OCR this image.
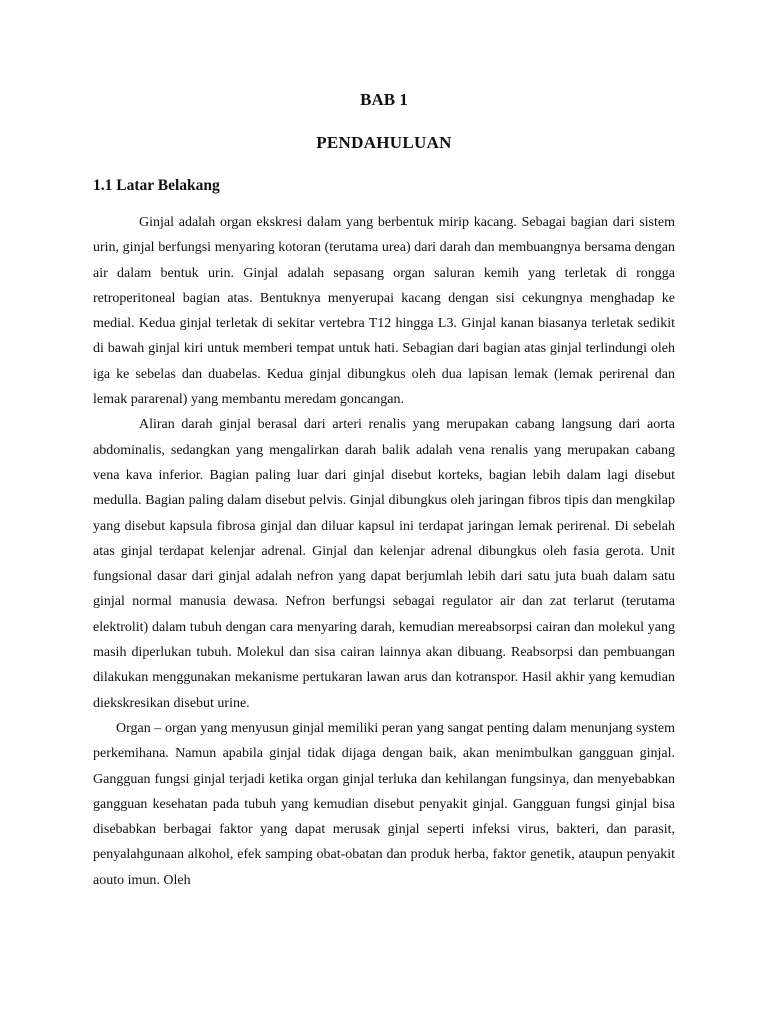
BAB 1
PENDAHULUAN
1.1 Latar Belakang

Ginjal adalah organ ekskresi dalam yang berbentuk mirip kacang. Sebagai bagian dari sistem urin, ginjal berfungsi menyaring kotoran (terutama urea) dari darah dan membuangnya bersama dengan air dalam bentuk urin. Ginjal adalah sepasang organ saluran kemih yang terletak di rongga retroperitoneal bagian atas. Bentuknya menyerupai kacang dengan sisi cekungnya menghadap ke medial. Kedua ginjal terletak di sekitar vertebra T12 hingga L3. Ginjal kanan biasanya terletak sedikit di bawah ginjal kiri untuk memberi tempat untuk hati. Sebagian dari bagian atas ginjal terlindungi oleh iga ke sebelas dan duabelas. Kedua ginjal dibungkus oleh dua lapisan lemak (lemak perirenal dan lemak pararenal) yang membantu meredam goncangan.

Aliran darah ginjal berasal dari arteri renalis yang merupakan cabang langsung dari aorta abdominalis, sedangkan yang mengalirkan darah balik adalah vena renalis yang merupakan cabang vena kava inferior. Bagian paling luar dari ginjal disebut korteks, bagian lebih dalam lagi disebut medulla. Bagian paling dalam disebut pelvis. Ginjal dibungkus oleh jaringan fibros tipis dan mengkilap yang disebut kapsula fibrosa ginjal dan diluar kapsul ini terdapat jaringan lemak perirenal. Di sebelah atas ginjal terdapat kelenjar adrenal. Ginjal dan kelenjar adrenal dibungkus oleh fasia gerota. Unit fungsional dasar dari ginjal adalah nefron yang dapat berjumlah lebih dari satu juta buah dalam satu ginjal normal manusia dewasa. Nefron berfungsi sebagai regulator air dan zat terlarut (terutama elektrolit) dalam tubuh dengan cara menyaring darah, kemudian mereabsorpsi cairan dan molekul yang masih diperlukan tubuh. Molekul dan sisa cairan lainnya akan dibuang. Reabsorpsi dan pembuangan dilakukan menggunakan mekanisme pertukaran lawan arus dan kotranspor. Hasil akhir yang kemudian diekskresikan disebut urine.

Organ – organ yang menyusun ginjal memiliki peran yang sangat penting dalam menunjang system perkemihana. Namun apabila ginjal tidak dijaga dengan baik, akan menimbulkan gangguan ginjal. Gangguan fungsi ginjal terjadi ketika organ ginjal terluka dan kehilangan fungsinya, dan menyebabkan gangguan kesehatan pada tubuh yang kemudian disebut penyakit ginjal. Gangguan fungsi ginjal bisa disebabkan berbagai faktor yang dapat merusak ginjal seperti infeksi virus, bakteri, dan parasit, penyalahgunaan alkohol, efek samping obat-obatan dan produk herba, faktor genetik, ataupun penyakit aouto imun. Oleh
